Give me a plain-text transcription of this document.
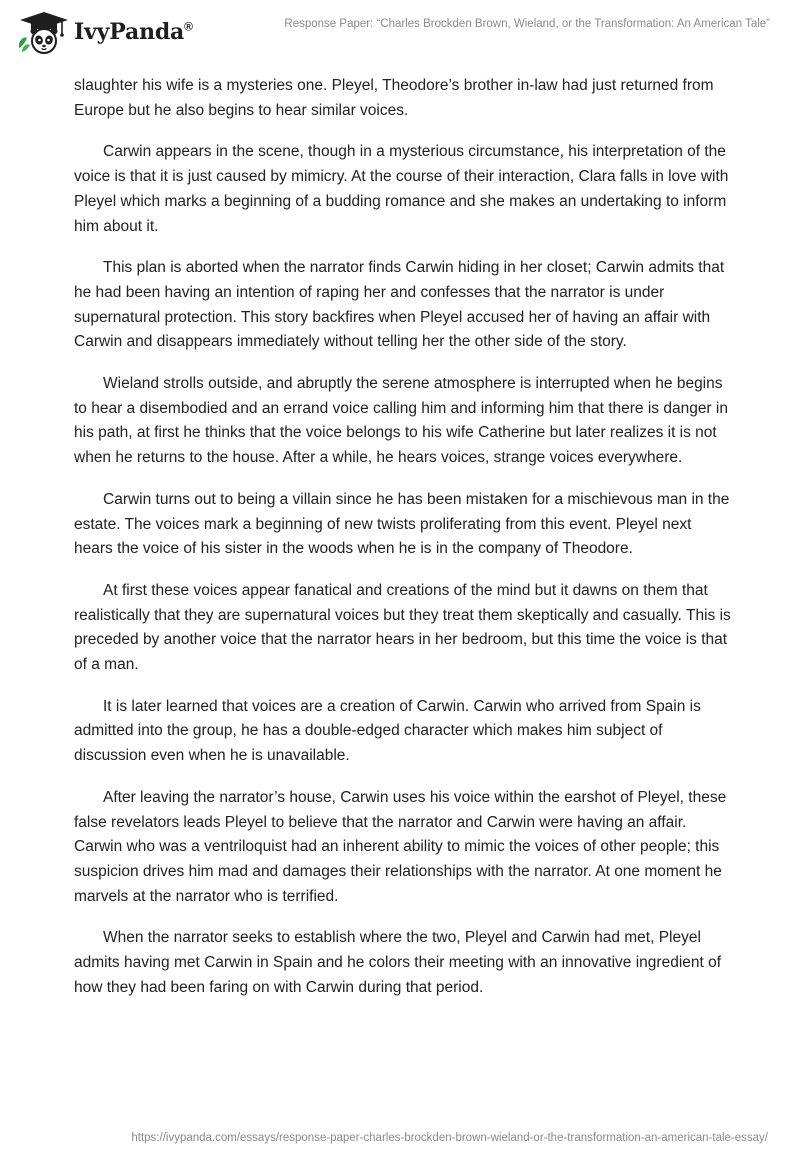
IvyPanda®	Response Paper: “Charles Brockden Brown, Wieland, or the Transformation: An American Tale”

slaughter his wife is a mysteries one. Pleyel, Theodore’s brother in-law had just returned from Europe but he also begins to hear similar voices.

Carwin appears in the scene, though in a mysterious circumstance, his interpretation of the voice is that it is just caused by mimicry. At the course of their interaction, Clara falls in love with Pleyel which marks a beginning of a budding romance and she makes an undertaking to inform him about it.

This plan is aborted when the narrator finds Carwin hiding in her closet; Carwin admits that he had been having an intention of raping her and confesses that the narrator is under supernatural protection. This story backfires when Pleyel accused her of having an affair with Carwin and disappears immediately without telling her the other side of the story.

Wieland strolls outside, and abruptly the serene atmosphere is interrupted when he begins to hear a disembodied and an errand voice calling him and informing him that there is danger in his path, at first he thinks that the voice belongs to his wife Catherine but later realizes it is not when he returns to the house. After a while, he hears voices, strange voices everywhere.

Carwin turns out to being a villain since he has been mistaken for a mischievous man in the estate. The voices mark a beginning of new twists proliferating from this event. Pleyel next hears the voice of his sister in the woods when he is in the company of Theodore.

At first these voices appear fanatical and creations of the mind but it dawns on them that realistically that they are supernatural voices but they treat them skeptically and casually. This is preceded by another voice that the narrator hears in her bedroom, but this time the voice is that of a man.

It is later learned that voices are a creation of Carwin. Carwin who arrived from Spain is admitted into the group, he has a double-edged character which makes him subject of discussion even when he is unavailable.

After leaving the narrator’s house, Carwin uses his voice within the earshot of Pleyel, these false revelators leads Pleyel to believe that the narrator and Carwin were having an affair. Carwin who was a ventriloquist had an inherent ability to mimic the voices of other people; this suspicion drives him mad and damages their relationships with the narrator. At one moment he marvels at the narrator who is terrified.

When the narrator seeks to establish where the two, Pleyel and Carwin had met, Pleyel admits having met Carwin in Spain and he colors their meeting with an innovative ingredient of how they had been faring on with Carwin during that period.

https://ivypanda.com/essays/response-paper-charles-brockden-brown-wieland-or-the-transformation-an-american-tale-essay/
